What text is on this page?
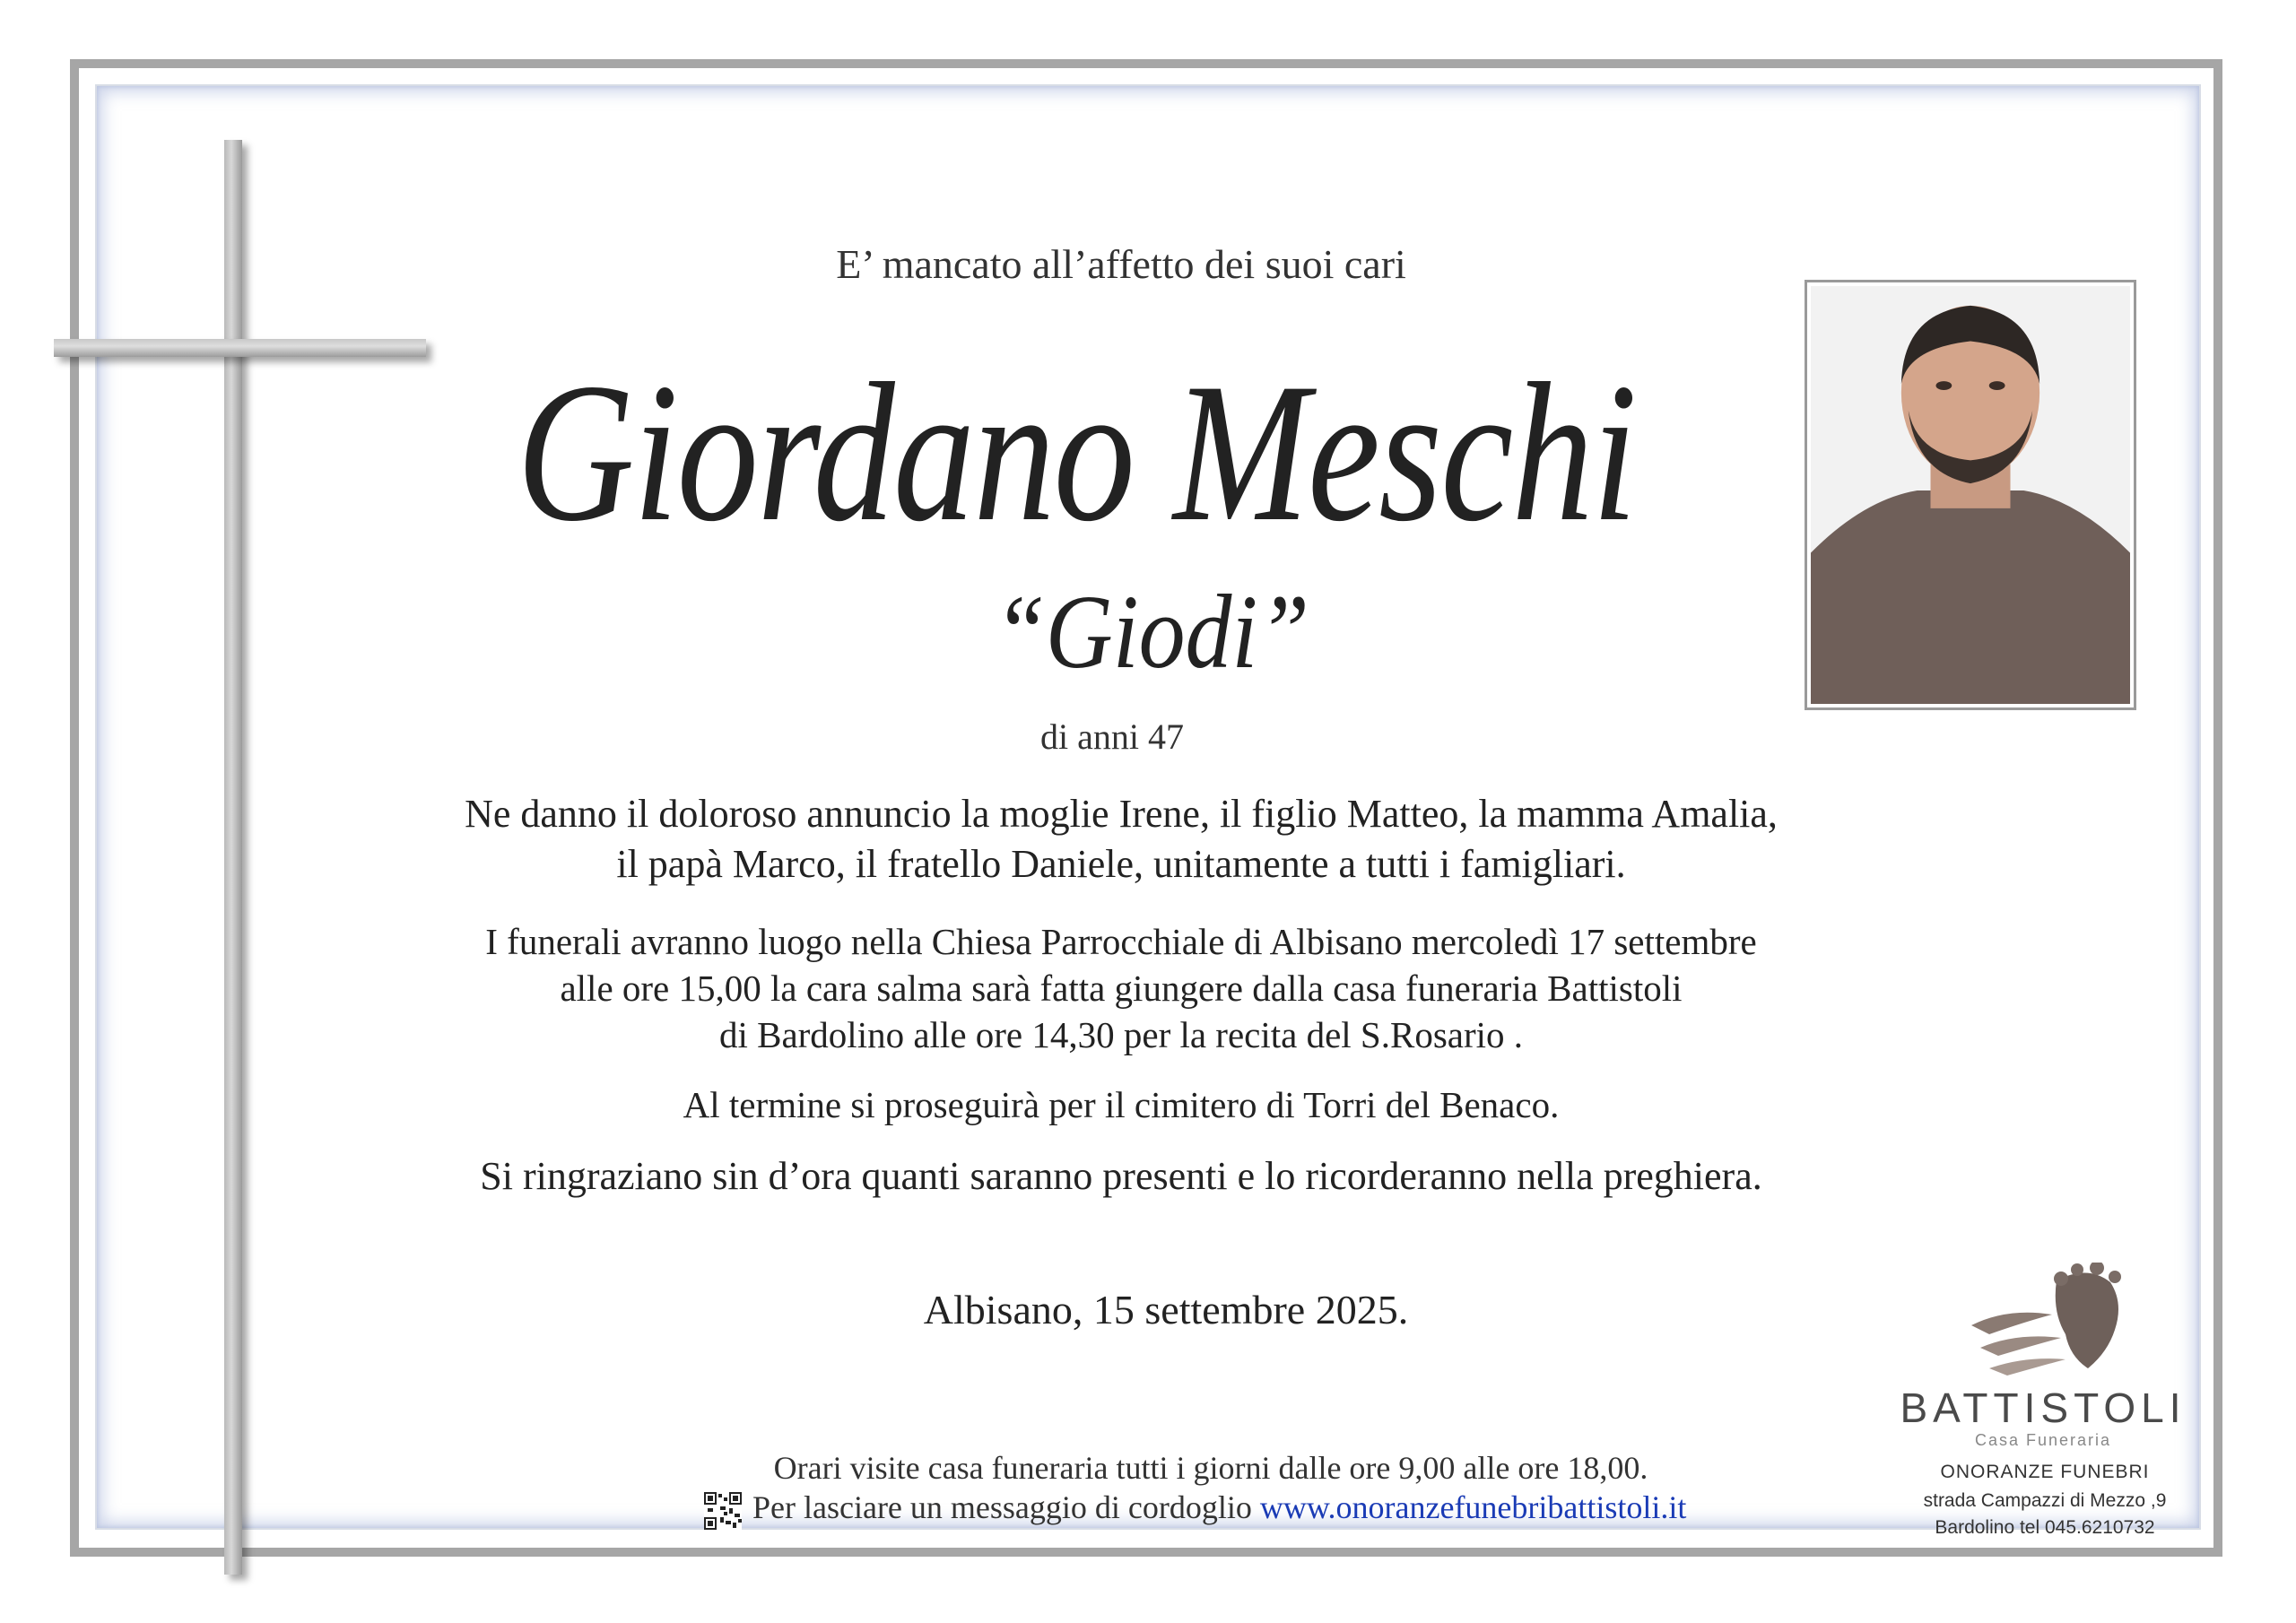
E’ mancato all’affetto dei suoi cari
Giordano Meschi
“Giodi”
di anni 47
Ne danno il doloroso annuncio la moglie Irene, il figlio Matteo, la mamma Amalia,
il papà Marco, il fratello Daniele, unitamente a tutti i famigliari.
I funerali avranno luogo nella Chiesa Parrocchiale di Albisano mercoledì 17 settembre
alle ore 15,00 la cara salma sarà fatta giungere dalla casa funeraria Battistoli
di Bardolino alle ore 14,30 per la recita del S.Rosario .
Al termine si proseguirà per il cimitero di Torri del Benaco.
Si ringraziano sin d’ora quanti saranno presenti e lo ricorderanno nella preghiera.
Albisano, 15 settembre 2025.
Orari visite casa funeraria tutti i giorni dalle ore 9,00 alle ore 18,00.
Per lasciare un messaggio di cordoglio www.onoranzefunebribattistoli.it
BATTISTOLI
Casa Funeraria
ONORANZE FUNEBRI
strada Campazzi di Mezzo ,9
Bardolino tel 045.6210732
